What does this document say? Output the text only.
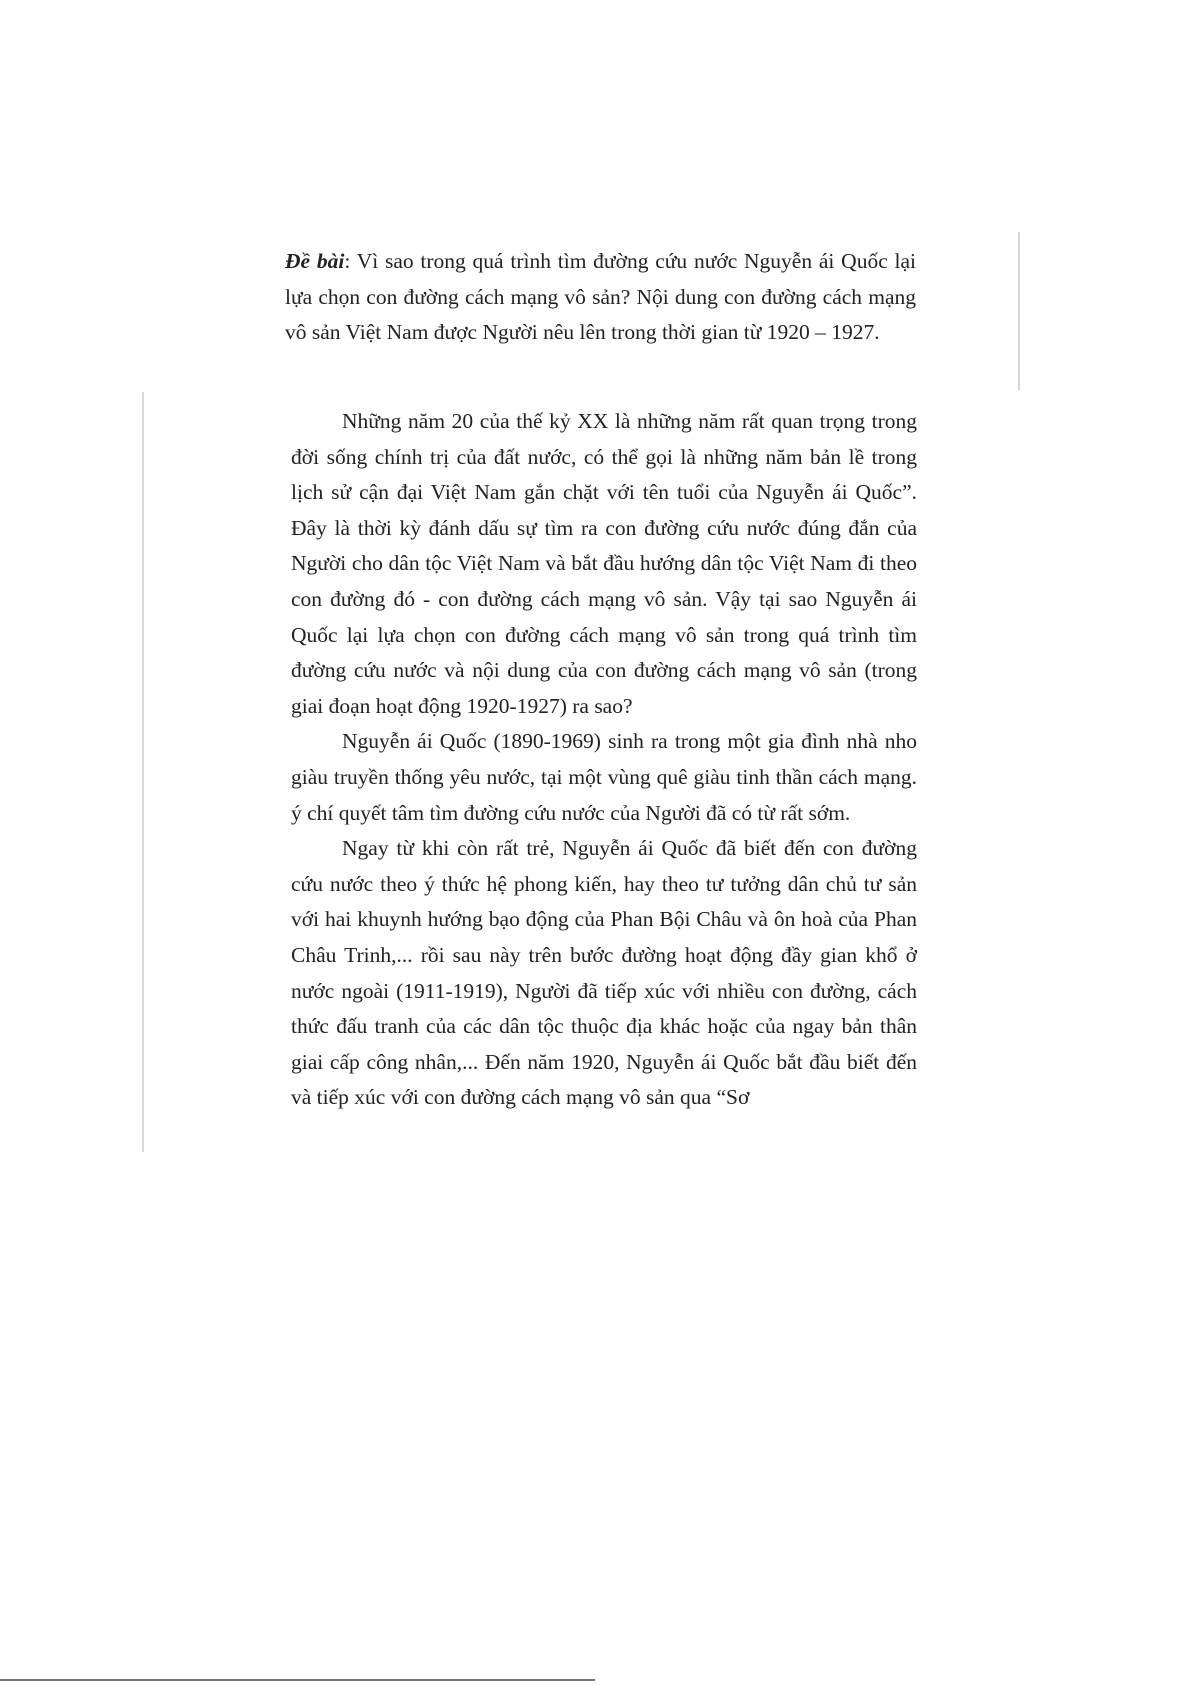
Đề bài: Vì sao trong quá trình tìm đường cứu nước Nguyễn ái Quốc lại lựa chọn con đường cách mạng vô sản? Nội dung con đường cách mạng vô sản Việt Nam được Người nêu lên trong thời gian từ 1920 – 1927.

Những năm 20 của thế kỷ XX là những năm rất quan trọng trong đời sống chính trị của đất nước, có thể gọi là những năm bản lề trong lịch sử cận đại Việt Nam gắn chặt với tên tuổi của Nguyễn ái Quốc”. Đây là thời kỳ đánh dấu sự tìm ra con đường cứu nước đúng đắn của Người cho dân tộc Việt Nam và bắt đầu hướng dân tộc Việt Nam đi theo con đường đó - con đường cách mạng vô sản. Vậy tại sao Nguyễn ái Quốc lại lựa chọn con đường cách mạng vô sản trong quá trình tìm đường cứu nước và nội dung của con đường cách mạng vô sản (trong giai đoạn hoạt động 1920-1927) ra sao?

Nguyễn ái Quốc (1890-1969) sinh ra trong một gia đình nhà nho giàu truyền thống yêu nước, tại một vùng quê giàu tinh thần cách mạng. ý chí quyết tâm tìm đường cứu nước của Người đã có từ rất sớm.

Ngay từ khi còn rất trẻ, Nguyễn ái Quốc đã biết đến con đường cứu nước theo ý thức hệ phong kiến, hay theo tư tưởng dân chủ tư sản với hai khuynh hướng bạo động của Phan Bội Châu và ôn hoà của Phan Châu Trinh,... rồi sau này trên bước đường hoạt động đầy gian khổ ở nước ngoài (1911-1919), Người đã tiếp xúc với nhiều con đường, cách thức đấu tranh của các dân tộc thuộc địa khác hoặc của ngay bản thân giai cấp công nhân,... Đến năm 1920, Nguyễn ái Quốc bắt đầu biết đến và tiếp xúc với con đường cách mạng vô sản qua “Sơ
